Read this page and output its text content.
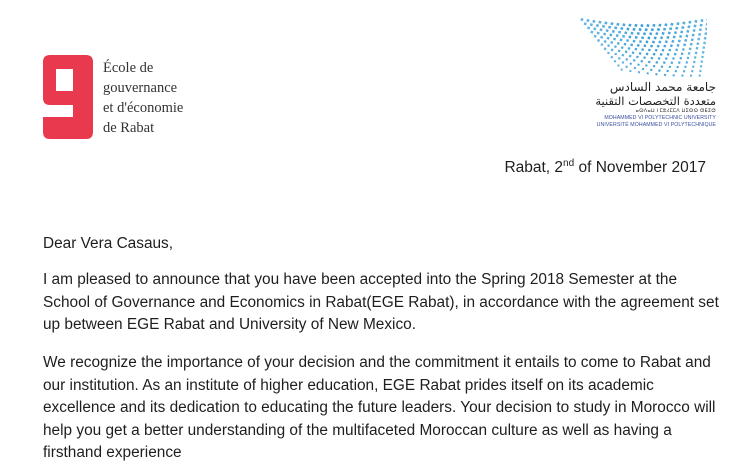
École de
gouvernance
et d'économie
de Rabat
جامعة محمد السادس
متعددة التخصصات التقنية
ⴰⵙⴷⴰⵡ ⵏ ⵎⵓⵃⵎⵎⴷ ⵡⵉⵙⵙ ⵚⴹⵉⵚ
MOHAMMED VI POLYTECHNIC UNIVERSITY
UNIVERSITÉ MOHAMMED VI POLYTECHNIQUE
Rabat, 2nd of November 2017
Dear Vera Casaus,
I am pleased to announce that you have been accepted into the Spring 2018 Semester at the School of Governance and Economics in Rabat(EGE Rabat), in accordance with the agreement set up between EGE Rabat and University of New Mexico.
We recognize the importance of your decision and the commitment it entails to come to Rabat and our institution. As an institute of higher education, EGE Rabat prides itself on its academic excellence and its dedication to educating the future leaders. Your decision to study in Morocco will help you get a better understanding of the multifaceted Moroccan culture as well as having a firsthand experience
